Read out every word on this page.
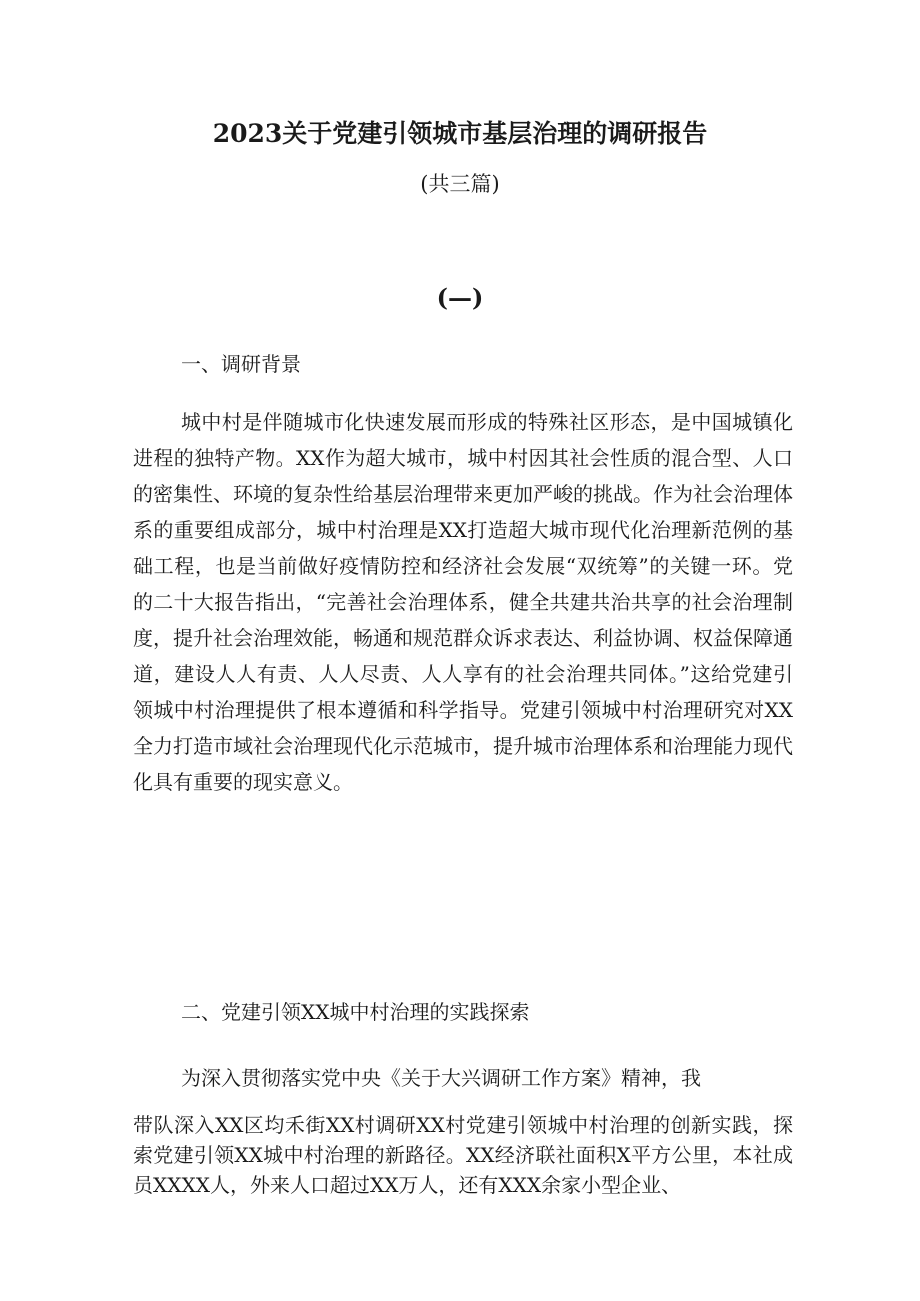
2023关于党建引领城市基层治理的调研报告
(共三篇)
(—)
一、调研背景

城中村是伴随城市化快速发展而形成的特殊社区形态，是中国城镇化进程的独特产物。XX作为超大城市，城中村因其社会性质的混合型、人口的密集性、环境的复杂性给基层治理带来更加严峻的挑战。作为社会治理体系的重要组成部分，城中村治理是XX打造超大城市现代化治理新范例的基础工程，也是当前做好疫情防控和经济社会发展“双统筹”的关键一环。党的二十大报告指出，“完善社会治理体系，健全共建共治共享的社会治理制度，提升社会治理效能，畅通和规范群众诉求表达、利益协调、权益保障通道，建设人人有责、人人尽责、人人享有的社会治理共同体。”这给党建引领城中村治理提供了根本遵循和科学指导。党建引领城中村治理研究对XX全力打造市域社会治理现代化示范城市，提升城市治理体系和治理能力现代化具有重要的现实意义。

二、党建引领XX城中村治理的实践探索
为深入贯彻落实党中央《关于大兴调研工作方案》精神，我

带队深入XX区均禾街XX村调研XX村党建引领城中村治理的创新实践，探索党建引领XX城中村治理的新路径。XX经济联社面积X平方公里，本社成员XXXX人，外来人口超过XX万人，还有XXX余家小型企业、
